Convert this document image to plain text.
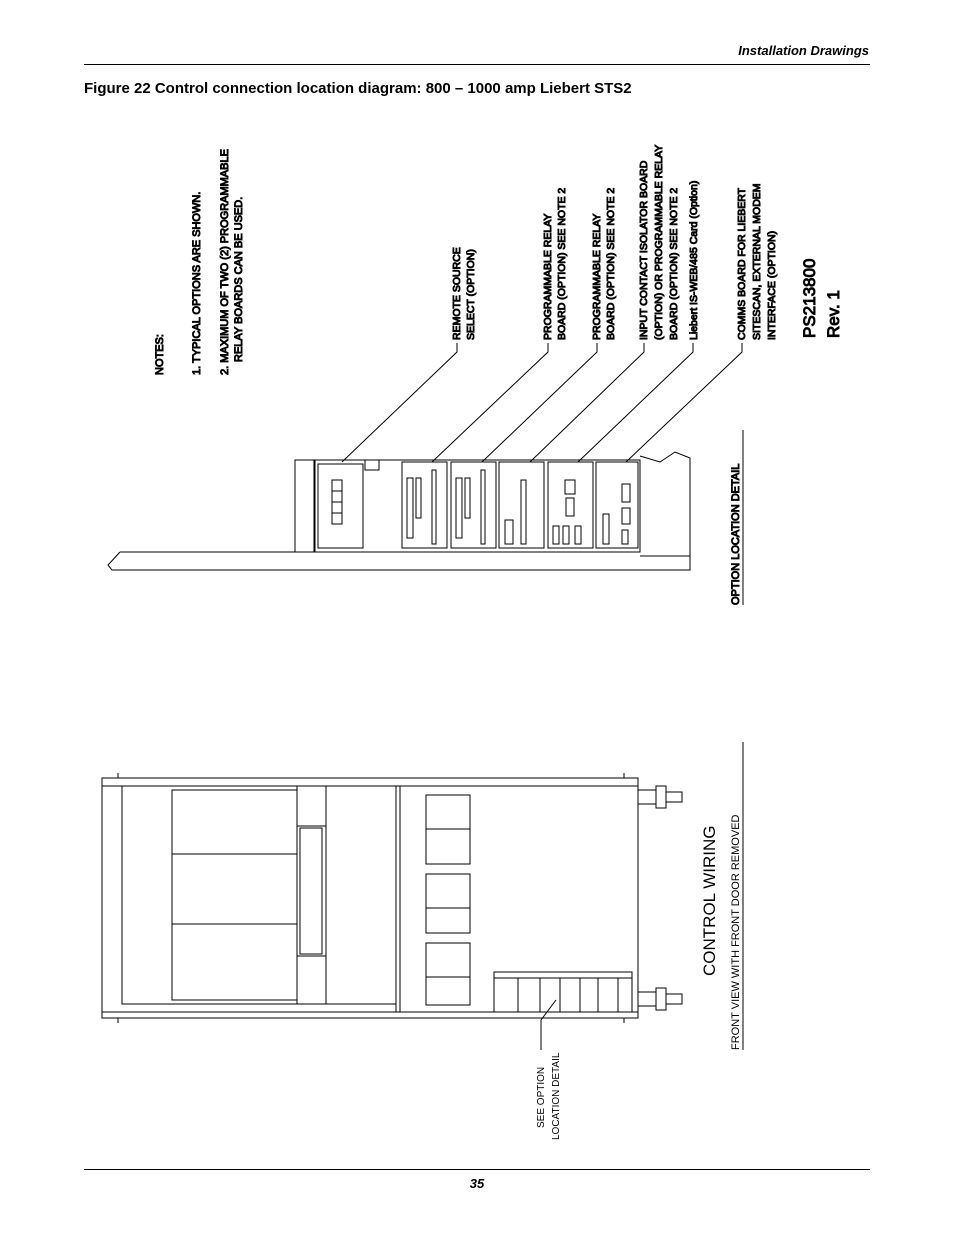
Installation Drawings
Figure 22 Control connection location diagram: 800 – 1000 amp Liebert STS2
NOTES: 1. TYPICAL OPTIONS ARE SHOWN. 2. MAXIMUM OF TWO (2) PROGRAMMABLE RELAY BOARDS CAN BE USED.	REMOTE SOURCE SELECT (OPTION)	PROGRAMMABLE RELAY BOARD (OPTION) SEE NOTE 2 PROGRAMMABLE RELAY BOARD (OPTION) SEE NOTE 2 INPUT CONTACT ISOLATOR BOARD (OPTION) OR PROGRAMMABLE RELAY BOARD (OPTION) SEE NOTE 2 Liebert IS-WEB/485 Card (Option)	COMMS BOARD FOR LIEBERT SITESCAN, EXTERNAL MODEM INTERFACE (OPTION) PS213800 Rev. 1
OPTION LOCATION DETAIL
CONTROL WIRING FRONT VIEW WITH FRONT DOOR REMOVED
SEE OPTION LOCATION DETAIL
35
